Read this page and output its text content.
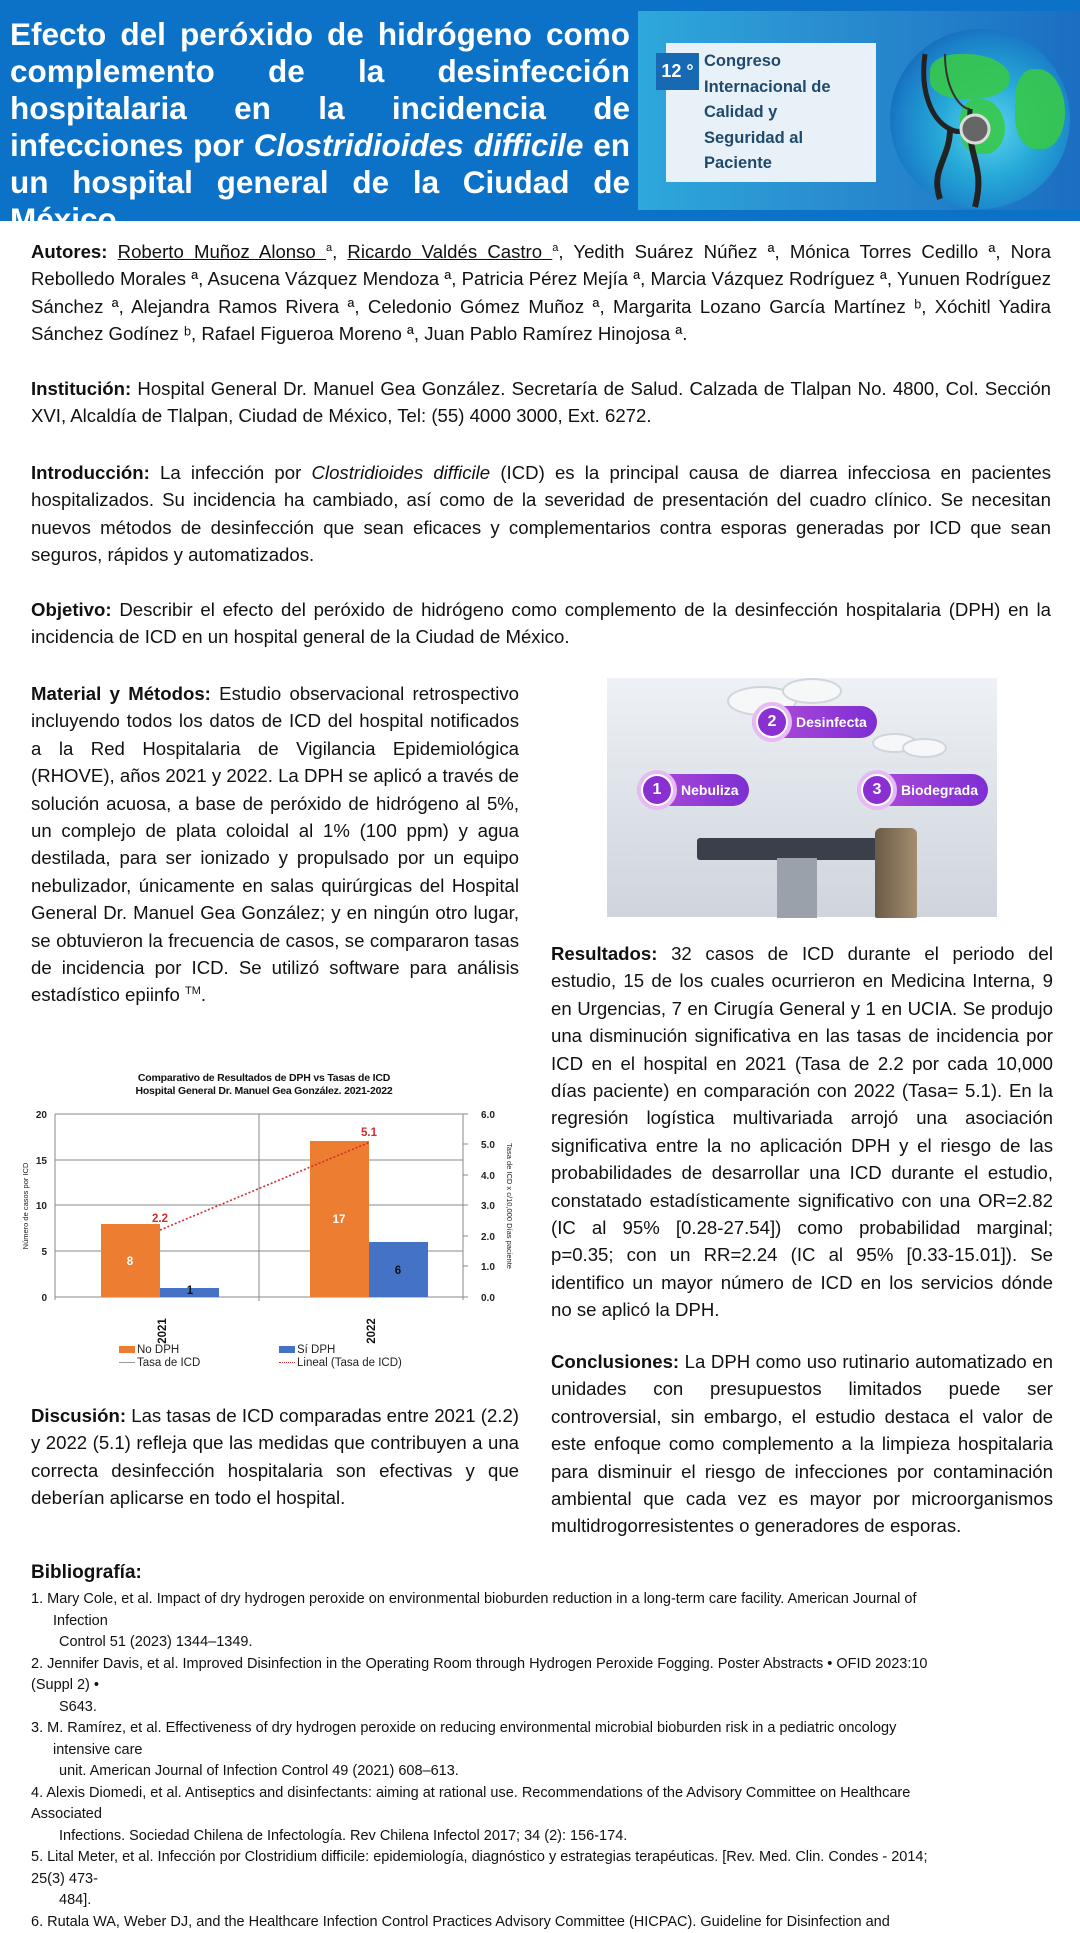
Efecto del peróxido de hidrógeno como complemento de la desinfección hospitalaria en la incidencia de infecciones por Clostridioides difficile en un hospital general de la Ciudad de México
12 ° Congreso
Internacional de
Calidad y
Seguridad al
Paciente
Autores: Roberto Muñoz Alonso $^a$, Ricardo Valdés Castro $^a$, Yedith Suárez Núñez ª, Mónica Torres Cedillo ª, Nora Rebolledo Morales ª, Asucena Vázquez Mendoza ª, Patricia Pérez Mejía ª, Marcia Vázquez Rodríguez ª, Yunuen Rodríguez Sánchez ª, Alejandra Ramos Rivera ª, Celedonio Gómez Muñoz ª, Margarita Lozano García Martínez ᵇ, Xóchitl Yadira Sánchez Godínez ᵇ, Rafael Figueroa Moreno ª, Juan Pablo Ramírez Hinojosa ª.
Institución: Hospital General Dr. Manuel Gea González. Secretaría de Salud. Calzada de Tlalpan No. 4800, Col. Sección XVI, Alcaldía de Tlalpan, Ciudad de México, Tel: (55) 4000 3000, Ext. 6272.
Introducción: La infección por Clostridioides difficile (ICD) es la principal causa de diarrea infecciosa en pacientes hospitalizados. Su incidencia ha cambiado, así como de la severidad de presentación del cuadro clínico. Se necesitan nuevos métodos de desinfección que sean eficaces y complementarios contra esporas generadas por ICD que sean seguros, rápidos y automatizados.
Objetivo: Describir el efecto del peróxido de hidrógeno como complemento de la desinfección hospitalaria (DPH) en la incidencia de ICD en un hospital general de la Ciudad de México.
Material y Métodos: Estudio observacional retrospectivo incluyendo todos los datos de ICD del hospital notificados a la Red Hospitalaria de Vigilancia Epidemiológica (RHOVE), años 2021 y 2022. La DPH se aplicó a través de solución acuosa, a base de peróxido de hidrógeno al 5%, un complejo de plata coloidal al 1% (100 ppm) y agua destilada, para ser ionizado y propulsado por un equipo nebulizador, únicamente en salas quirúrgicas del Hospital General Dr. Manuel Gea González; y en ningún otro lugar, se obtuvieron la frecuencia de casos, se compararon tasas de incidencia por ICD. Se utilizó software para análisis estadístico epiinfo ™.
1	Nebuliza
2	Desinfecta
3	Biodegrada
Resultados: 32 casos de ICD durante el periodo del estudio, 15 de los cuales ocurrieron en Medicina Interna, 9 en Urgencias, 7 en Cirugía General y 1 en UCIA. Se produjo una disminución significativa en las tasas de incidencia por ICD en el hospital en 2021 (Tasa de 2.2 por cada 10,000 días paciente) en comparación con 2022 (Tasa= 5.1). En la regresión logística multivariada arrojó una asociación significativa entre la no aplicación DPH y el riesgo de las probabilidades de desarrollar una ICD durante el estudio, constatado estadísticamente significativo con una OR=2.82 (IC al 95% [0.28-27.54]) como probabilidad marginal; p=0.35; con un RR=2.24 (IC al 95% [0.33-15.01]). Se identifico un mayor número de ICD en los servicios dónde no se aplicó la DPH.
Conclusiones: La DPH como uso rutinario automatizado en unidades con presupuestos limitados puede ser controversial, sin embargo, el estudio destaca el valor de este enfoque como complemento a la limpieza hospitalaria para disminuir el riesgo de infecciones por contaminación ambiental que cada vez es mayor por microorganismos multidrogorresistentes o generadores de esporas.
Comparativo de Resultados de DPH vs Tasas de ICD
Hospital General Dr. Manuel Gea González. 2021-2022
8
1
17
6
2.2
5.1
20
15
10
5
0
6.0
5.0
4.0
3.0
2.0
1.0
0.0
Número de casos por ICD	Tasa de ICD x c/10,000 Días paciente
2021	2022
No DPH	Sí DPH
Tasa de ICD	Lineal (Tasa de ICD)
Discusión: Las tasas de ICD comparadas entre 2021 (2.2) y 2022 (5.1) refleja que las medidas que contribuyen a una correcta desinfección hospitalaria son efectivas y que deberían aplicarse en todo el hospital.
Bibliografía:
1. Mary Cole, et al. Impact of dry hydrogen peroxide on environmental bioburden reduction in a long-term care facility. American Journal of
Infection
Control 51 (2023) 1344–1349.
2. Jennifer Davis, et al. Improved Disinfection in the Operating Room through Hydrogen Peroxide Fogging. Poster Abstracts • OFID 2023:10
(Suppl 2) •
S643.
3. M. Ramírez, et al. Effectiveness of dry hydrogen peroxide on reducing environmental microbial bioburden risk in a pediatric oncology
intensive care
unit. American Journal of Infection Control 49 (2021) 608–613.
4. Alexis Diomedi, et al. Antiseptics and disinfectants: aiming at rational use. Recommendations of the Advisory Committee on Healthcare
Associated
Infections. Sociedad Chilena de Infectología. Rev Chilena Infectol 2017; 34 (2): 156-174.
5. Lital Meter, et al. Infección por Clostridium difficile: epidemiología, diagnóstico y estrategias terapéuticas. [Rev. Med. Clin. Condes - 2014;
25(3) 473-
484].
6. Rutala WA, Weber DJ, and the Healthcare Infection Control Practices Advisory Committee (HICPAC). Guideline for Disinfection and
